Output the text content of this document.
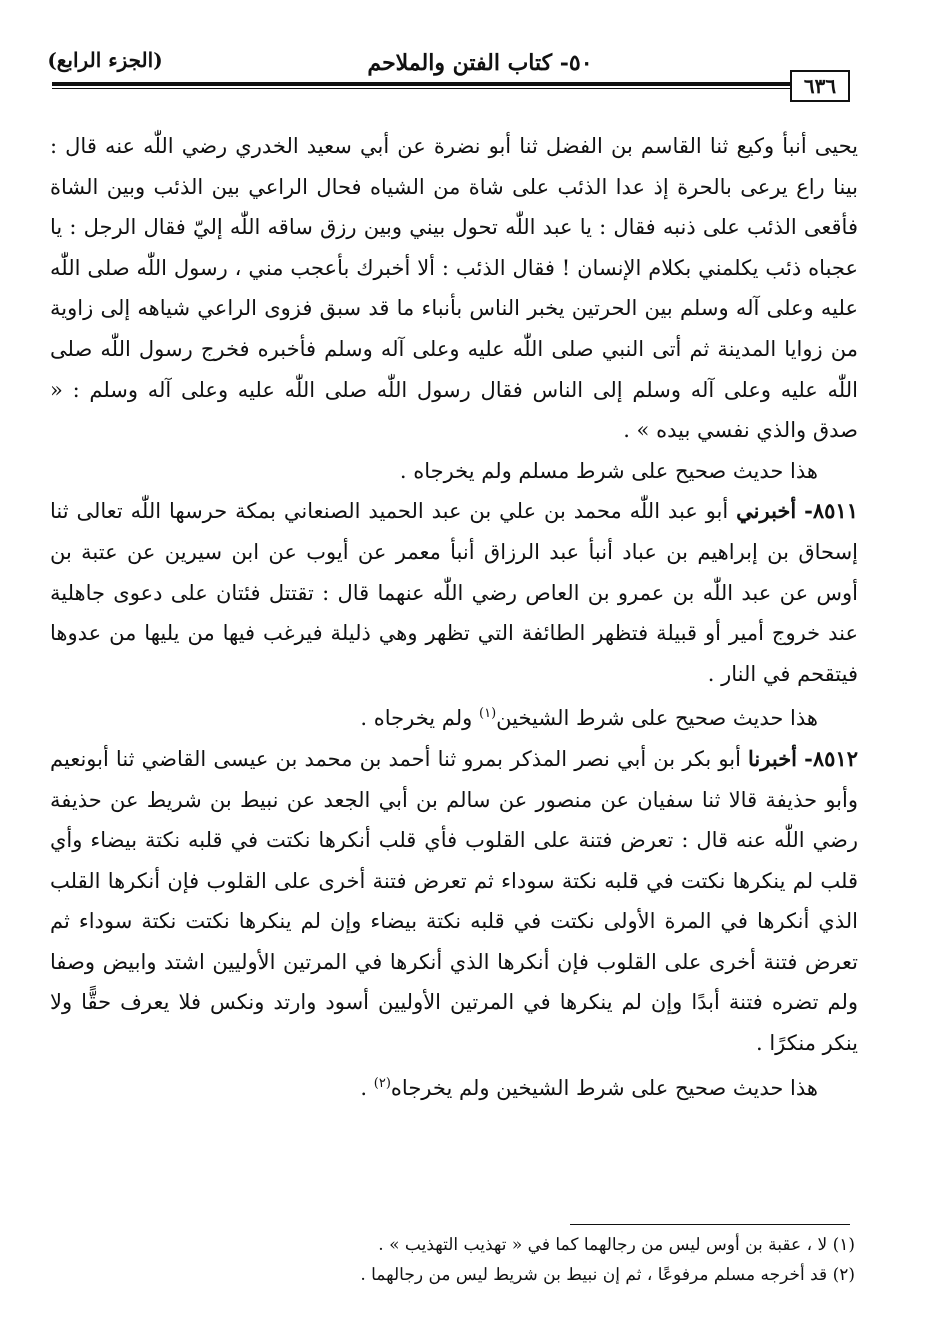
٥٠- كتاب الفتن والملاحم
(الجزء الرابع)
٦٣٦

يحيى أنبأ وكيع ثنا القاسم بن الفضل ثنا أبو نضرة عن أبي سعيد الخدري رضي اللّٰه عنه قال : بينا راع يرعى بالحرة إذ عدا الذئب على شاة من الشياه فحال الراعي بين الذئب وبين الشاة فأقعى الذئب على ذنبه فقال : يا عبد اللّٰه تحول بيني وبين رزق ساقه اللّٰه إليّ فقال الرجل : يا عجباه ذئب يكلمني بكلام الإنسان ! فقال الذئب : ألا أخبرك بأعجب مني ، رسول اللّٰه صلى اللّٰه عليه وعلى آله وسلم بين الحرتين يخبر الناس بأنباء ما قد سبق فزوى الراعي شياهه إلى زاوية من زوايا المدينة ثم أتى النبي صلى اللّٰه عليه وعلى آله وسلم فأخبره فخرج رسول اللّٰه صلى اللّٰه عليه وعلى آله وسلم إلى الناس فقال رسول اللّٰه صلى اللّٰه عليه وعلى آله وسلم : « صدق والذي نفسي بيده » .

هذا حديث صحيح على شرط مسلم ولم يخرجاه .

٨٥١١- أخبرني أبو عبد اللّٰه محمد بن علي بن عبد الحميد الصنعاني بمكة حرسها اللّٰه تعالى ثنا إسحاق بن إبراهيم بن عباد أنبأ عبد الرزاق أنبأ معمر عن أيوب عن ابن سيرين عن عتبة بن أوس عن عبد اللّٰه بن عمرو بن العاص رضي اللّٰه عنهما قال : تقتتل فئتان على دعوى جاهلية عند خروج أمير أو قبيلة فتظهر الطائفة التي تظهر وهي ذليلة فيرغب فيها من يليها من عدوها فيتقحم في النار .

هذا حديث صحيح على شرط الشيخين$^{(١)}$ ولم يخرجاه .

٨٥١٢- أخبرنا أبو بكر بن أبي نصر المذكر بمرو ثنا أحمد بن محمد بن عيسى القاضي ثنا أبونعيم وأبو حذيفة قالا ثنا سفيان عن منصور عن سالم بن أبي الجعد عن نبيط بن شريط عن حذيفة رضي اللّٰه عنه قال : تعرض فتنة على القلوب فأي قلب أنكرها نكتت في قلبه نكتة بيضاء وأي قلب لم ينكرها نكتت في قلبه نكتة سوداء ثم تعرض فتنة أخرى على القلوب فإن أنكرها القلب الذي أنكرها في المرة الأولى نكتت في قلبه نكتة بيضاء وإن لم ينكرها نكتت نكتة سوداء ثم تعرض فتنة أخرى على القلوب فإن أنكرها الذي أنكرها في المرتين الأوليين اشتد وابيض وصفا ولم تضره فتنة أبدًا وإن لم ينكرها في المرتين الأوليين أسود وارتد ونكس فلا يعرف حقًّا ولا ينكر منكرًا .

هذا حديث صحيح على شرط الشيخين ولم يخرجاه$^{(٢)}$ .

(١) لا ، عقبة بن أوس ليس من رجالهما كما في « تهذيب التهذيب » .

(٢) قد أخرجه مسلم مرفوعًا ، ثم إن نبيط بن شريط ليس من رجالهما .
